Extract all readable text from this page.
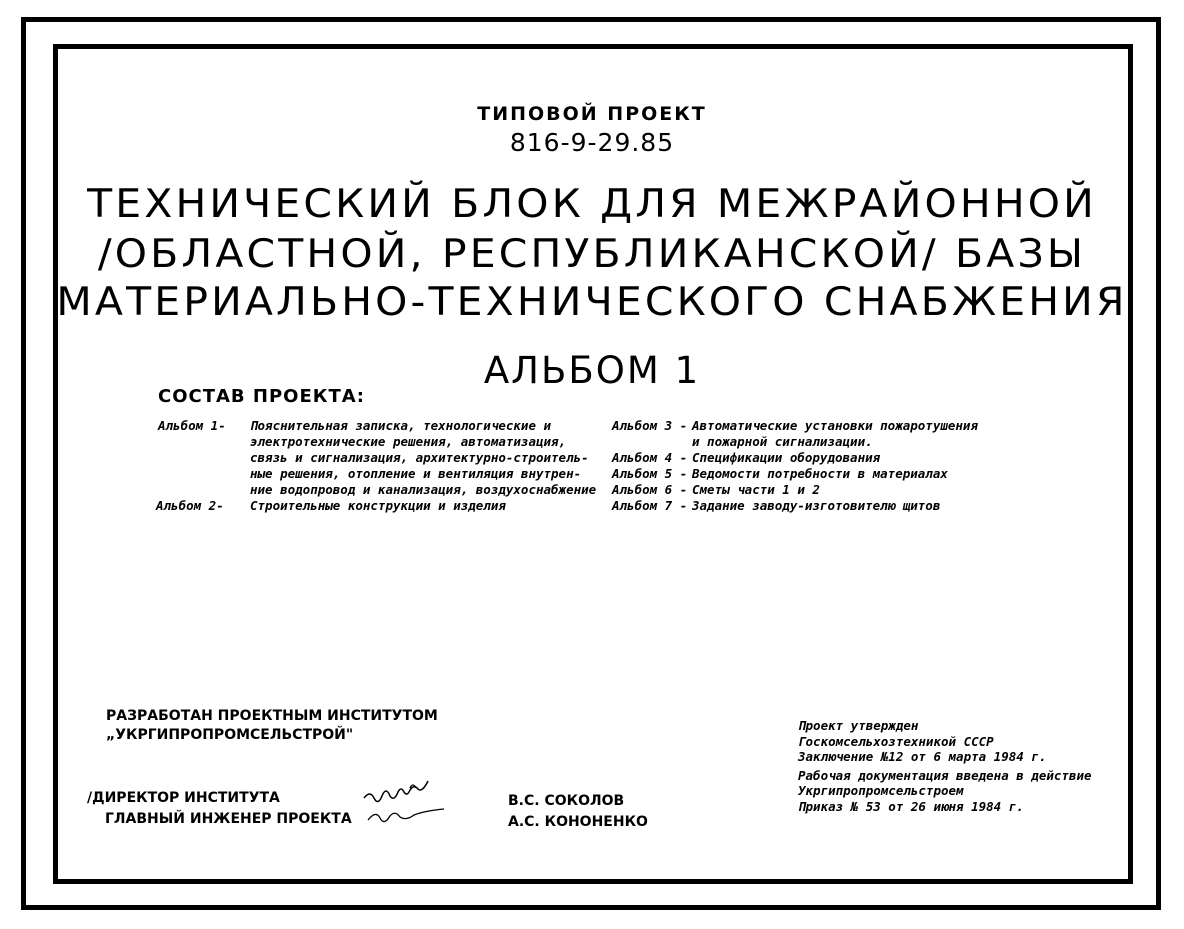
ТИПОВОЙ ПРОЕКТ
816-9-29.85
ТЕХНИЧЕСКИЙ БЛОК ДЛЯ МЕЖРАЙОННОЙ
/ОБЛАСТНОЙ, РЕСПУБЛИКАНСКОЙ/ БАЗЫ
МАТЕРИАЛЬНО-ТЕХНИЧЕСКОГО СНАБЖЕНИЯ
АЛЬБОМ 1
СОСТАВ ПРОЕКТА:
Альбом 1-	Пояснительная записка, технологические и
электротехнические решения, автоматизация,
связь и сигнализация, архитектурно-строитель-
ные решения, отопление и вентиляция внутрен-
ние водопровод и канализация, воздухоснабжение
Альбом 2-	Строительные конструкции и изделия
Альбом 3 - Автоматические установки пожаротушения
и пожарной сигнализации.
Альбом 4 - Спецификации оборудования
Альбом 5 - Ведомости потребности в материалах
Альбом 6 - Сметы части 1 и 2
Альбом 7 - Задание заводу-изготовителю щитов
РАЗРАБОТАН ПРОЕКТНЫМ ИНСТИТУТОМ
„УКРГИПРОПРОМСЕЛЬСТРОЙ"
/ДИРЕКТОР ИНСТИТУТА
ГЛАВНЫЙ ИНЖЕНЕР ПРОЕКТА
В.С. СОКОЛОВ
А.С. КОНОНЕНКО
Проект утвержден
Госкомсельхозтехникой СССР
Заключение №12 от 6 марта 1984 г.
Рабочая документация введена в действие
Укргипропромсельстроем
Приказ № 53 от 26 июня 1984 г.
